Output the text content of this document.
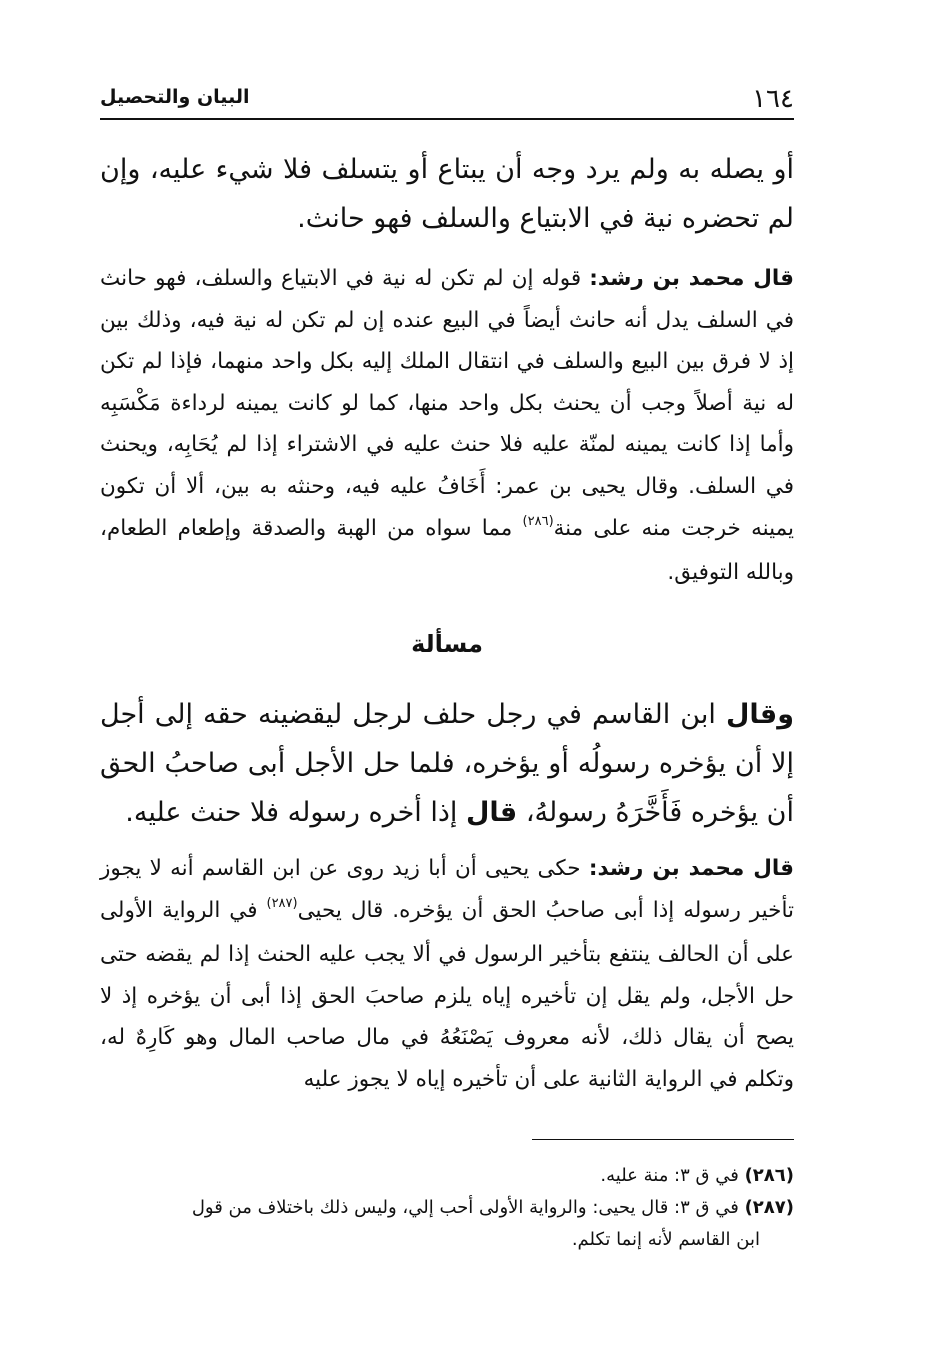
١٦٤
البيان والتحصيل

أو يصله به ولم يرد وجه أن يبتاع أو يتسلف فلا شيء عليه، وإن لم تحضره نية في الابتياع والسلف فهو حانث.

قال محمد بن رشد: قوله إن لم تكن له نية في الابتياع والسلف، فهو حانث في السلف يدل أنه حانث أيضاً في البيع عنده إن لم تكن له نية فيه، وذلك بين إذ لا فرق بين البيع والسلف في انتقال الملك إليه بكل واحد منهما، فإذا لم تكن له نية أصلاً وجب أن يحنث بكل واحد منها، كما لو كانت يمينه لرداءة مَكْسَبِه وأما إذا كانت يمينه لمنّة عليه فلا حنث عليه في الاشتراء إذا لم يُحَابِه، ويحنث في السلف. وقال يحيى بن عمر: أَخَافُ عليه فيه، وحنثه به بين، ألا أن تكون يمينه خرجت منه على منة$^{(٢٨٦)}$ مما سواه من الهبة والصدقة وإطعام الطعام، وبالله التوفيق.

مسألة

وقال ابن القاسم في رجل حلف لرجل ليقضينه حقه إلى أجل إلا أن يؤخره رسولُه أو يؤخره، فلما حل الأجل أبى صاحبُ الحق أن يؤخره فَأَخَّرَهُ رسولهُ، قال إذا أخره رسوله فلا حنث عليه.

قال محمد بن رشد: حكى يحيى أن أبا زيد روى عن ابن القاسم أنه لا يجوز تأخير رسوله إذا أبى صاحبُ الحق أن يؤخره. قال يحيى$^{(٢٨٧)}$ في الرواية الأولى على أن الحالف ينتفع بتأخير الرسول في ألا يجب عليه الحنث إذا لم يقضه حتى حل الأجل، ولم يقل إن تأخيره إياه يلزم صاحبَ الحق إذا أبى أن يؤخره إذ لا يصح أن يقال ذلك، لأنه معروف يَصْنَعُهُ في مال صاحب المال وهو كَارِهٌ له، وتكلم في الرواية الثانية على أن تأخيره إياه لا يجوز عليه

(٢٨٦) في ق ٣: منة عليه.

(٢٨٧) في ق ٣: قال يحيى: والرواية الأولى أحب إلي، وليس ذلك باختلاف من قول

ابن القاسم لأنه إنما تكلم.
